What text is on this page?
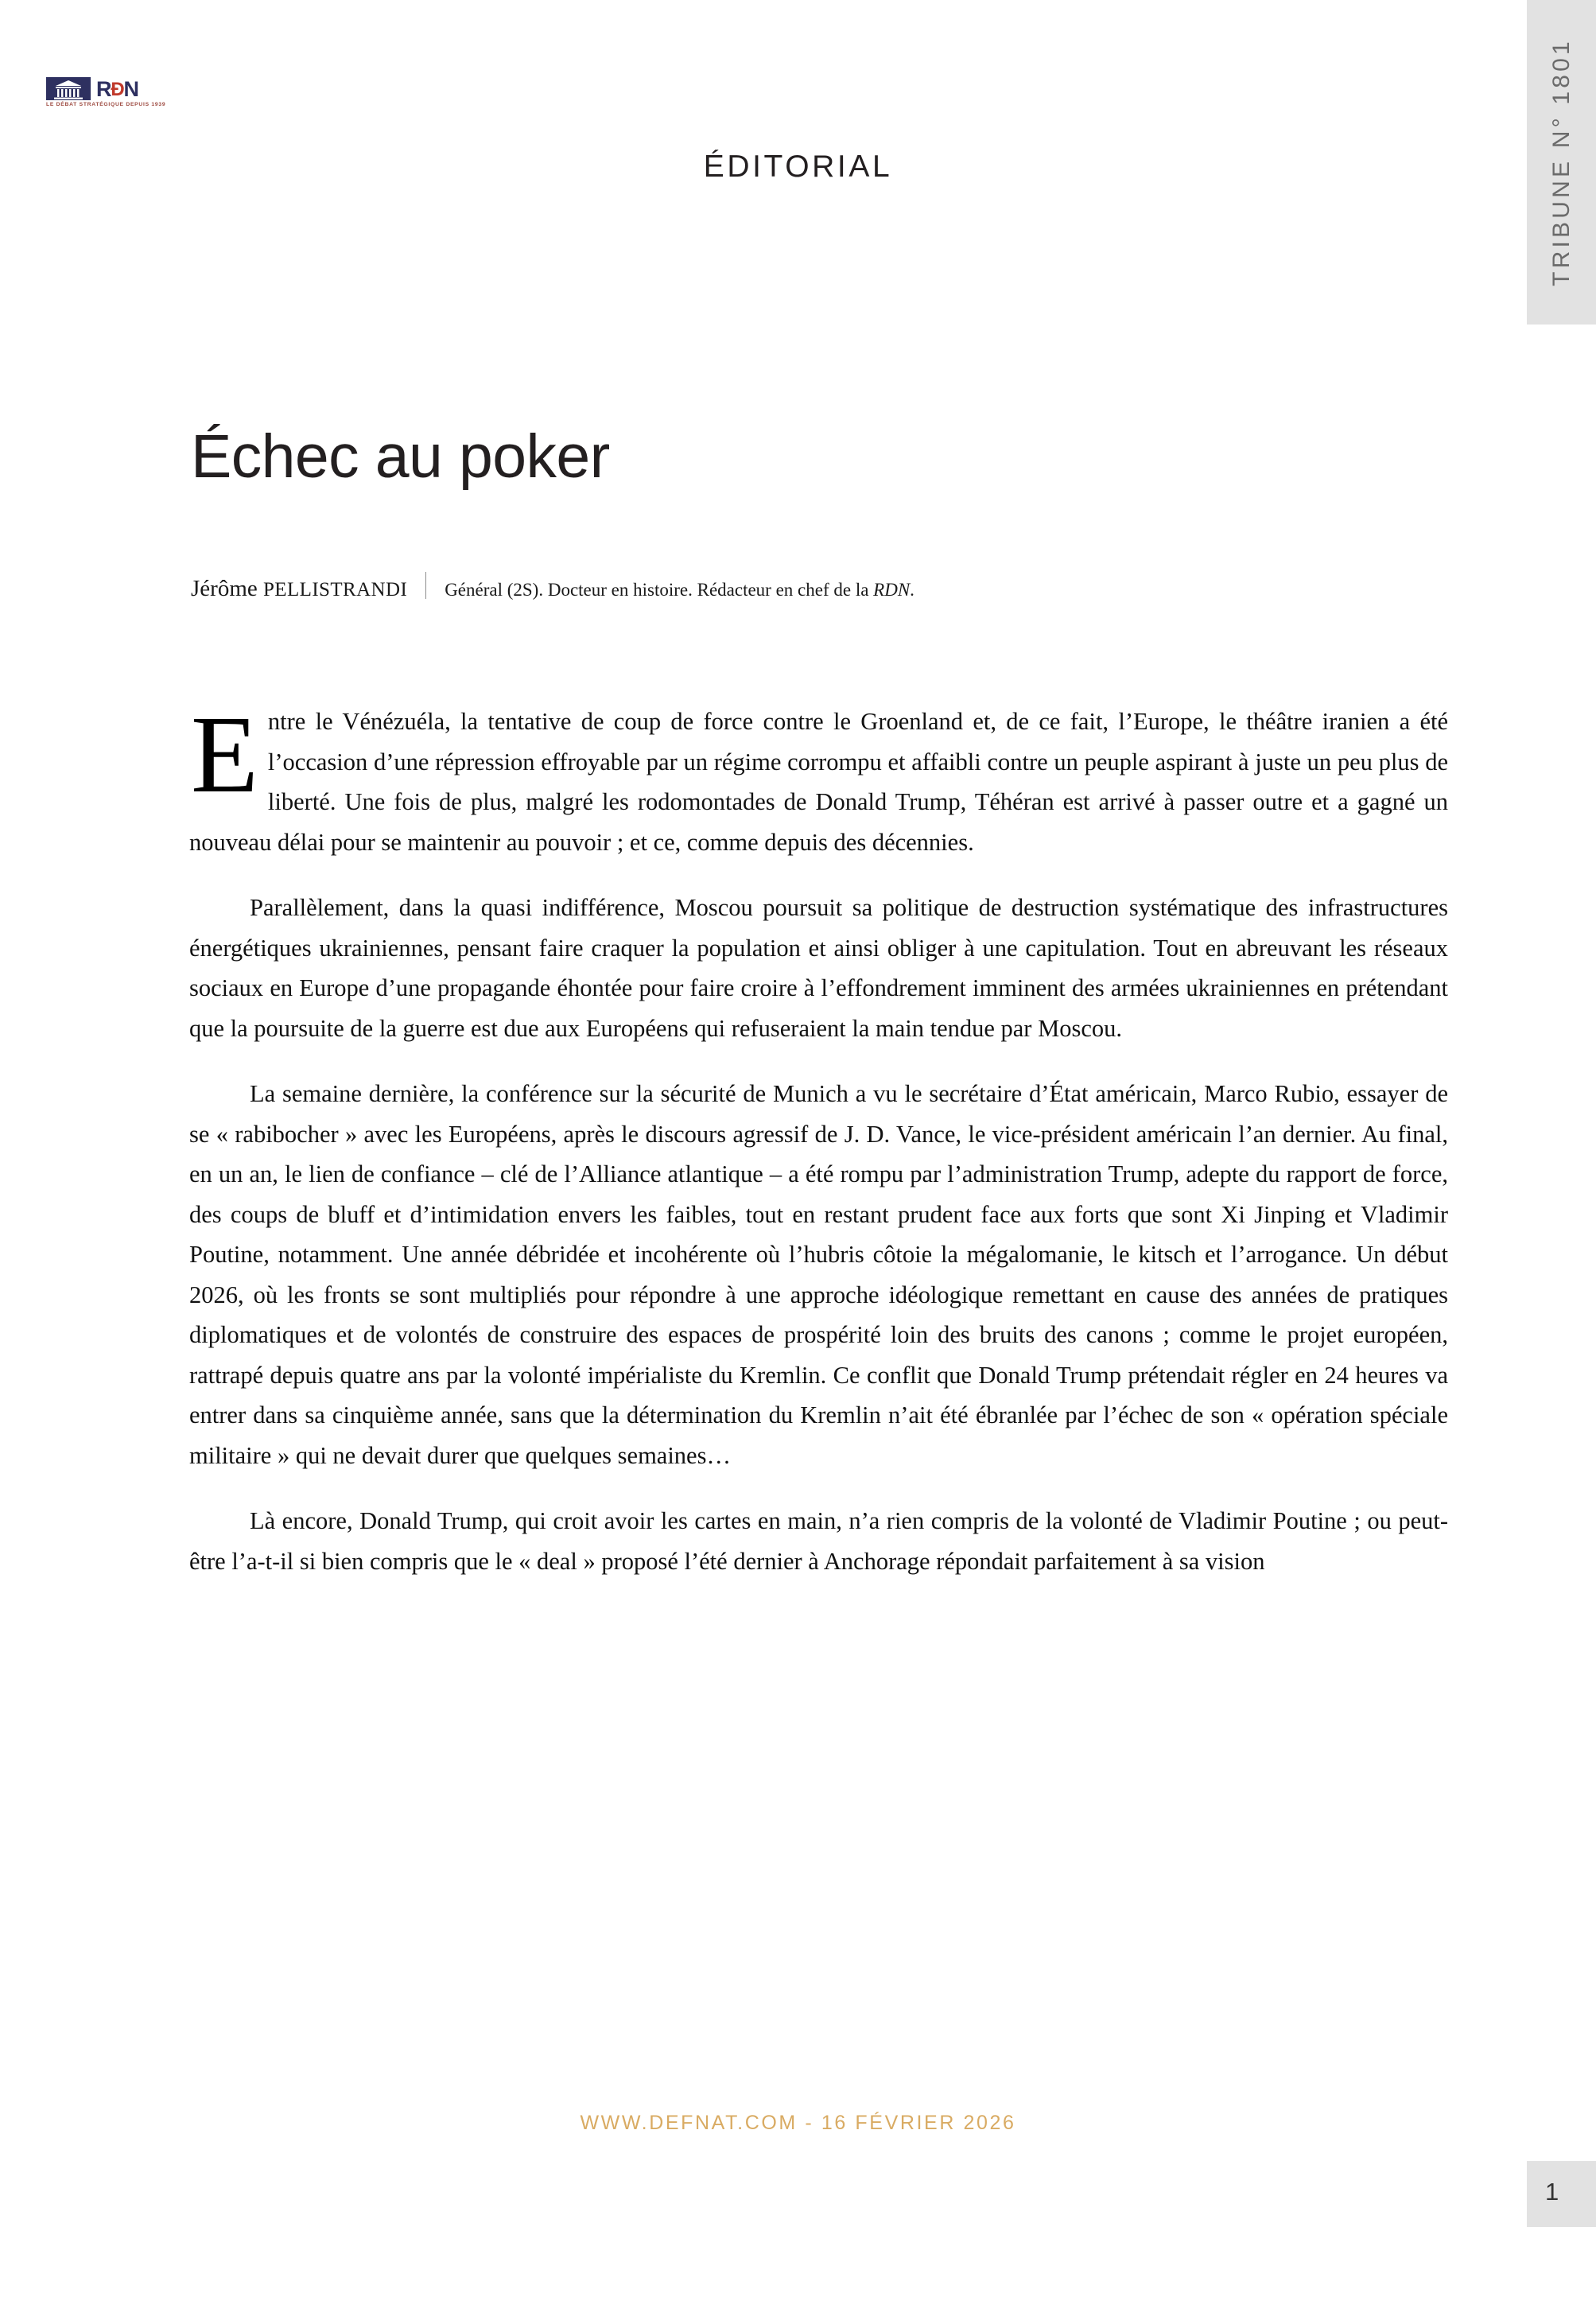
RÐN
LE DÉBAT STRATÉGIQUE DEPUIS 1939
ÉDITORIAL	TRIBUNE N° 1801
Échec au poker
Jérôme PELLISTRANDI Général (2S). Docteur en histoire. Rédacteur en chef de la RDN.

Entre le Vénézuéla, la tentative de coup de force contre le Groenland et, de ce fait, l’Europe, le théâtre iranien a été l’occasion d’une répression effroyable par un régime corrompu et affaibli contre un peuple aspirant à juste un peu plus de liberté. Une fois de plus, malgré les rodomontades de Donald Trump, Téhéran est arrivé à passer outre et a gagné un nouveau délai pour se maintenir au pouvoir ; et ce, comme depuis des décennies.

Parallèlement, dans la quasi indifférence, Moscou poursuit sa politique de destruction systématique des infrastructures énergétiques ukrainiennes, pensant faire craquer la population et ainsi obliger à une capitulation. Tout en abreuvant les réseaux sociaux en Europe d’une propagande éhontée pour faire croire à l’effondrement imminent des armées ukrainiennes en prétendant que la poursuite de la guerre est due aux Européens qui refuseraient la main tendue par Moscou.

La semaine dernière, la conférence sur la sécurité de Munich a vu le secrétaire d’État américain, Marco Rubio, essayer de se « rabibocher » avec les Européens, après le discours agressif de J. D. Vance, le vice-président américain l’an dernier. Au final, en un an, le lien de confiance – clé de l’Alliance atlantique – a été rompu par l’administration Trump, adepte du rapport de force, des coups de bluff et d’intimidation envers les faibles, tout en restant prudent face aux forts que sont Xi Jinping et Vladimir Poutine, notamment. Une année débridée et incohérente où l’hubris côtoie la mégalomanie, le kitsch et l’arrogance. Un début 2026, où les fronts se sont multipliés pour répondre à une approche idéologique remettant en cause des années de pratiques diplomatiques et de volontés de construire des espaces de prospérité loin des bruits des canons ; comme le projet européen, rattrapé depuis quatre ans par la volonté impérialiste du Kremlin. Ce conflit que Donald Trump prétendait régler en 24 heures va entrer dans sa cinquième année, sans que la détermination du Kremlin n’ait été ébranlée par l’échec de son « opération spéciale militaire » qui ne devait durer que quelques semaines…

Là encore, Donald Trump, qui croit avoir les cartes en main, n’a rien compris de la volonté de Vladimir Poutine ; ou peut-être l’a-t-il si bien compris que le « deal » proposé l’été dernier à Anchorage répondait parfaitement à sa vision

WWW.DEFNAT.COM - 16 FÉVRIER 2026
1
